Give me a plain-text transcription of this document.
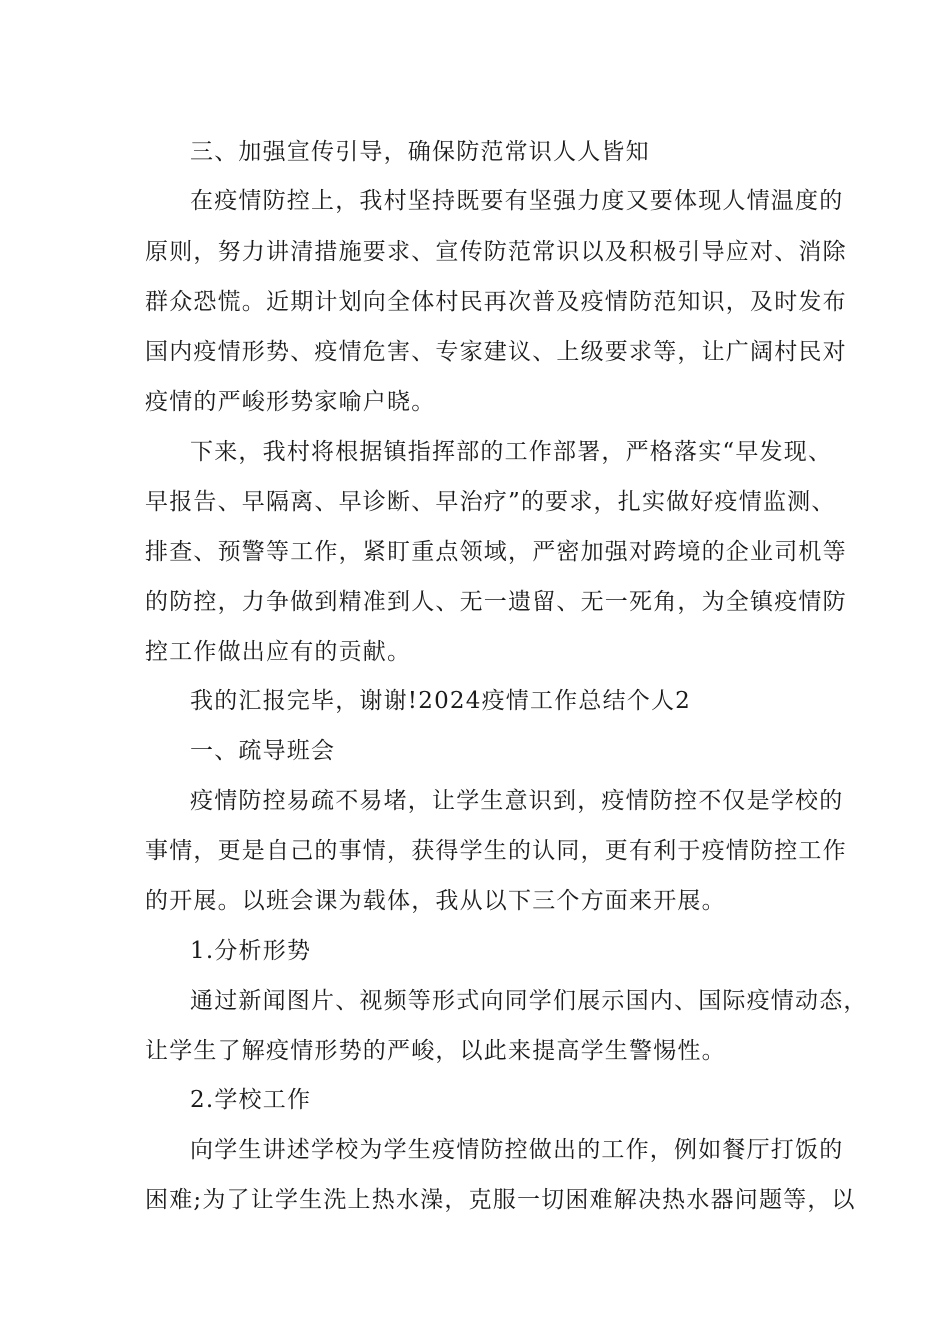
三、加强宣传引导，确保防范常识人人皆知
在疫情防控上，我村坚持既要有坚强力度又要体现人情温度的
原则，努力讲清措施要求、宣传防范常识以及积极引导应对、消除
群众恐慌。近期计划向全体村民再次普及疫情防范知识，及时发布
国内疫情形势、疫情危害、专家建议、上级要求等，让广阔村民对
疫情的严峻形势家喻户晓。
下来，我村将根据镇指挥部的工作部署，严格落实“早发现、
早报告、早隔离、早诊断、早治疗”的要求，扎实做好疫情监测、
排查、预警等工作，紧盯重点领域，严密加强对跨境的企业司机等
的防控，力争做到精准到人、无一遗留、无一死角，为全镇疫情防
控工作做出应有的贡献。
我的汇报完毕，谢谢!2024疫情工作总结个人2
一、疏导班会
疫情防控易疏不易堵，让学生意识到，疫情防控不仅是学校的
事情，更是自己的事情，获得学生的认同，更有利于疫情防控工作
的开展。以班会课为载体，我从以下三个方面来开展。
1.分析形势
通过新闻图片、视频等形式向同学们展示国内、国际疫情动态，
让学生了解疫情形势的严峻，以此来提高学生警惕性。
2.学校工作
向学生讲述学校为学生疫情防控做出的工作，例如餐厅打饭的
困难;为了让学生洗上热水澡，克服一切困难解决热水器问题等，以
